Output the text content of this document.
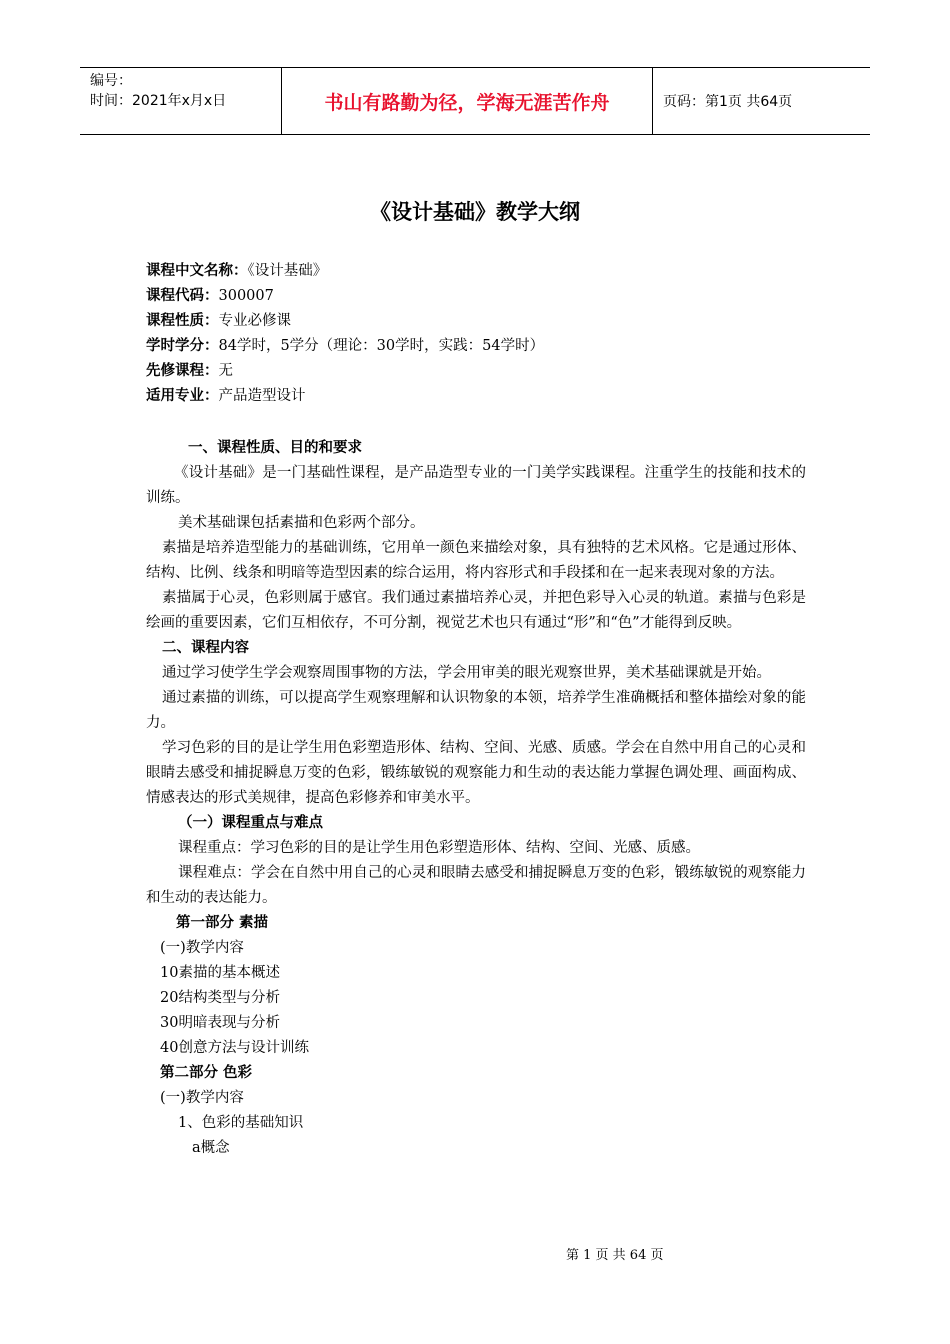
编号：
时间：2021年x月x日	书山有路勤为径，学海无涯苦作舟	页码：第1页 共64页
《设计基础》教学大纲
课程中文名称：《设计基础》
课程代码：300007
课程性质：专业必修课
学时学分：84学时，5学分（理论：30学时，实践：54学时）
先修课程：无
适用专业：产品造型设计
一、课程性质、目的和要求
《设计基础》是一门基础性课程，是产品造型专业的一门美学实践课程。注重学生的技能和技术的训练。
美术基础课包括素描和色彩两个部分。
素描是培养造型能力的基础训练，它用单一颜色来描绘对象，具有独特的艺术风格。它是通过形体、结构、比例、线条和明暗等造型因素的综合运用，将内容形式和手段揉和在一起来表现对象的方法。
素描属于心灵，色彩则属于感官。我们通过素描培养心灵，并把色彩导入心灵的轨道。素描与色彩是绘画的重要因素，它们互相依存，不可分割，视觉艺术也只有通过“形”和“色”才能得到反映。
二、课程内容
通过学习使学生学会观察周围事物的方法，学会用审美的眼光观察世界，美术基础课就是开始。
通过素描的训练，可以提高学生观察理解和认识物象的本领，培养学生准确概括和整体描绘对象的能力。
学习色彩的目的是让学生用色彩塑造形体、结构、空间、光感、质感。学会在自然中用自己的心灵和眼睛去感受和捕捉瞬息万变的色彩，锻练敏锐的观察能力和生动的表达能力掌握色调处理、画面构成、情感表达的形式美规律，提高色彩修养和审美水平。
（一）课程重点与难点
课程重点：学习色彩的目的是让学生用色彩塑造形体、结构、空间、光感、质感。
课程难点：学会在自然中用自己的心灵和眼睛去感受和捕捉瞬息万变的色彩，锻练敏锐的观察能力和生动的表达能力。
第一部分 素描
(一)教学内容
10素描的基本概述
20结构类型与分析
30明暗表现与分析
40创意方法与设计训练
第二部分 色彩
(一)教学内容
1、色彩的基础知识
a概念
第 1 页 共 64 页
